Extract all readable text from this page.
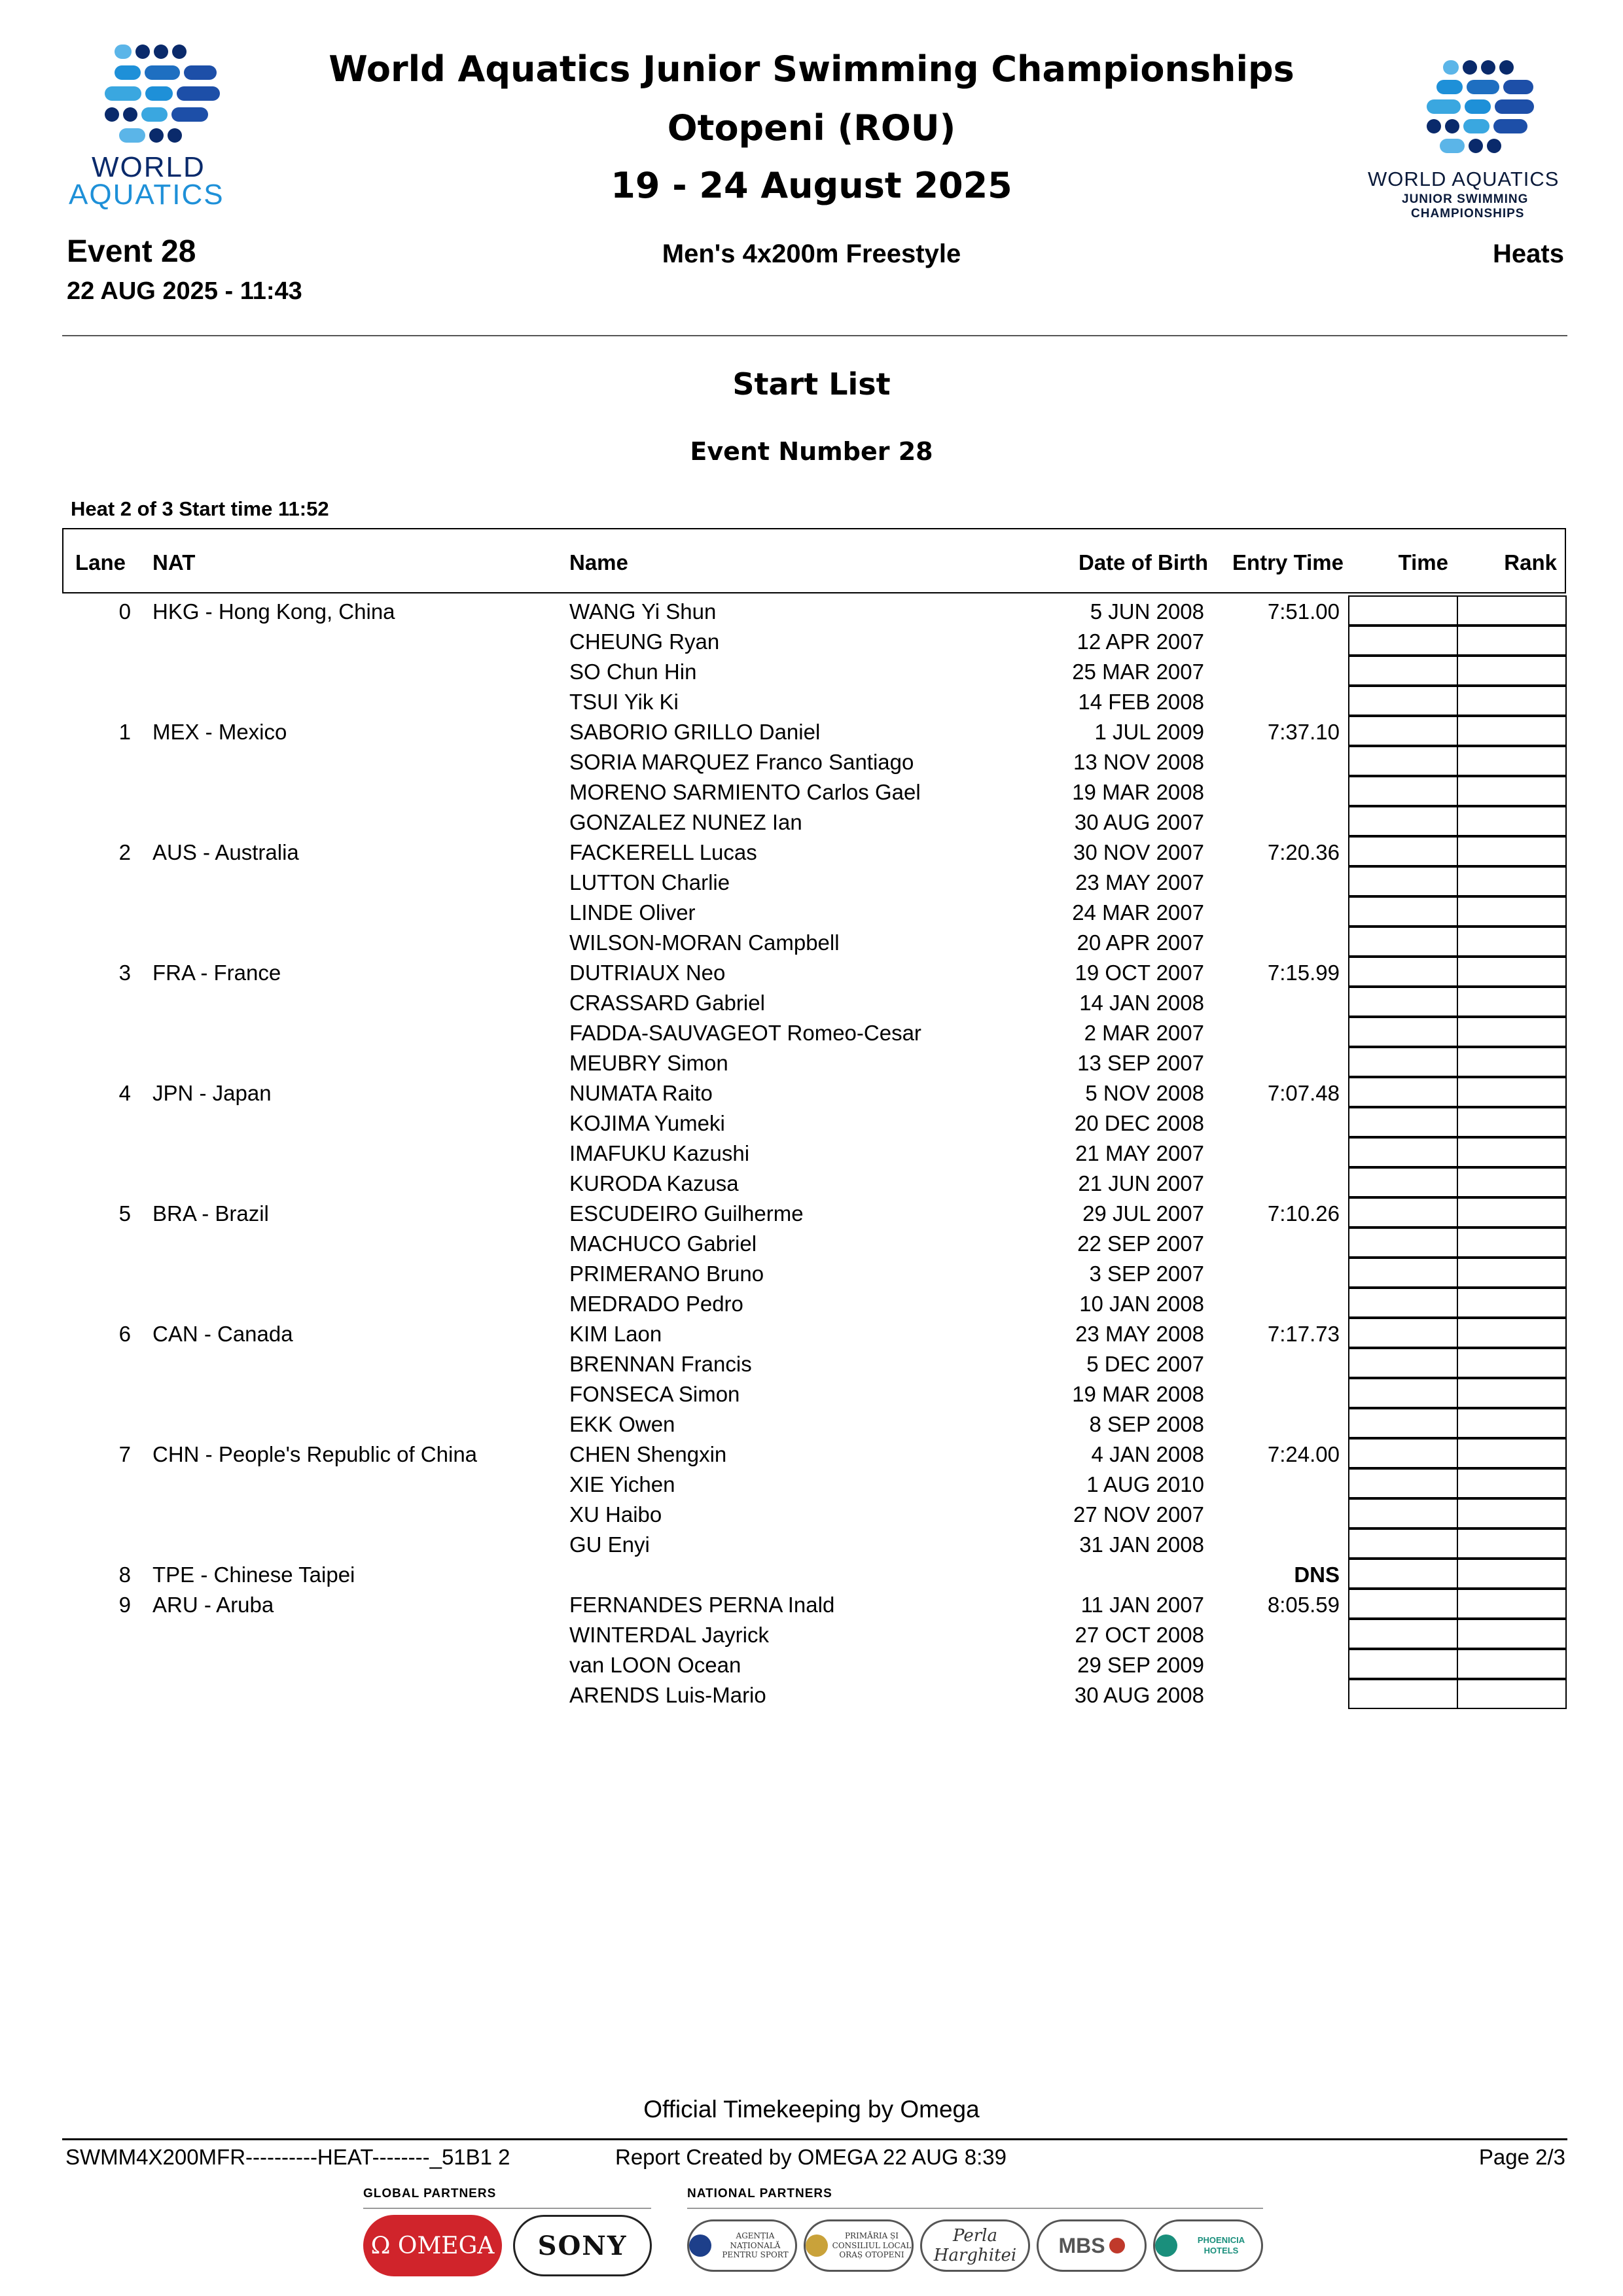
WORLD
AQUATICS	WORLD AQUATICS
JUNIOR SWIMMING
CHAMPIONSHIPS
World Aquatics Junior Swimming Championships
Otopeni (ROU)
19 - 24 August 2025
Event 28
22 AUG 2025 - 11:43
Men's 4x200m Freestyle	Heats
Start List
Event Number 28
Heat 2 of 3 Start time 11:52
Lane NAT	Name	Date of Birth Entry Time	Time	Rank
0 HKG - Hong Kong, China	WANG Yi Shun	5 JUN 2008	7:51.00
CHEUNG Ryan	12 APR 2007
SO Chun Hin	25 MAR 2007
TSUI Yik Ki	14 FEB 2008
1 MEX - Mexico	SABORIO GRILLO Daniel	1 JUL 2009	7:37.10
SORIA MARQUEZ Franco Santiago	13 NOV 2008
MORENO SARMIENTO Carlos Gael	19 MAR 2008
GONZALEZ NUNEZ Ian	30 AUG 2007
2 AUS - Australia	FACKERELL Lucas	30 NOV 2007	7:20.36
LUTTON Charlie	23 MAY 2007
LINDE Oliver	24 MAR 2007
WILSON-MORAN Campbell	20 APR 2007
3 FRA - France	DUTRIAUX Neo	19 OCT 2007	7:15.99
CRASSARD Gabriel	14 JAN 2008
FADDA-SAUVAGEOT Romeo-Cesar	2 MAR 2007
MEUBRY Simon	13 SEP 2007
4 JPN - Japan	NUMATA Raito	5 NOV 2008	7:07.48
KOJIMA Yumeki	20 DEC 2008
IMAFUKU Kazushi	21 MAY 2007
KURODA Kazusa	21 JUN 2007
5 BRA - Brazil	ESCUDEIRO Guilherme	29 JUL 2007	7:10.26
MACHUCO Gabriel	22 SEP 2007
PRIMERANO Bruno	3 SEP 2007
MEDRADO Pedro	10 JAN 2008
6 CAN - Canada	KIM Laon	23 MAY 2008	7:17.73
BRENNAN Francis	5 DEC 2007
FONSECA Simon	19 MAR 2008
EKK Owen	8 SEP 2008
7 CHN - People's Republic of China	CHEN Shengxin	4 JAN 2008	7:24.00
XIE Yichen	1 AUG 2010
XU Haibo	27 NOV 2007
GU Enyi	31 JAN 2008
8 TPE - Chinese Taipei	DNS
9 ARU - Aruba	FERNANDES PERNA Inald	11 JAN 2007	8:05.59
WINTERDAL Jayrick	27 OCT 2008
van LOON Ocean	29 SEP 2009
ARENDS Luis-Mario	30 AUG 2008
Official Timekeeping by Omega
SWMM4X200MFR----------HEAT--------_51B1 2	Report Created by OMEGA 22 AUG 8:39	Page 2/3
GLOBAL PARTNERS	NATIONAL PARTNERS
Ω OMEGA	SONY	AGENȚIA NAȚIONALĂ PENTRU SPORT
PRIMĂRIA ȘI CONSILIUL LOCAL ORAȘ OTOPENI
Perla Harghitei	MBS	PHOENICIA HOTELS
